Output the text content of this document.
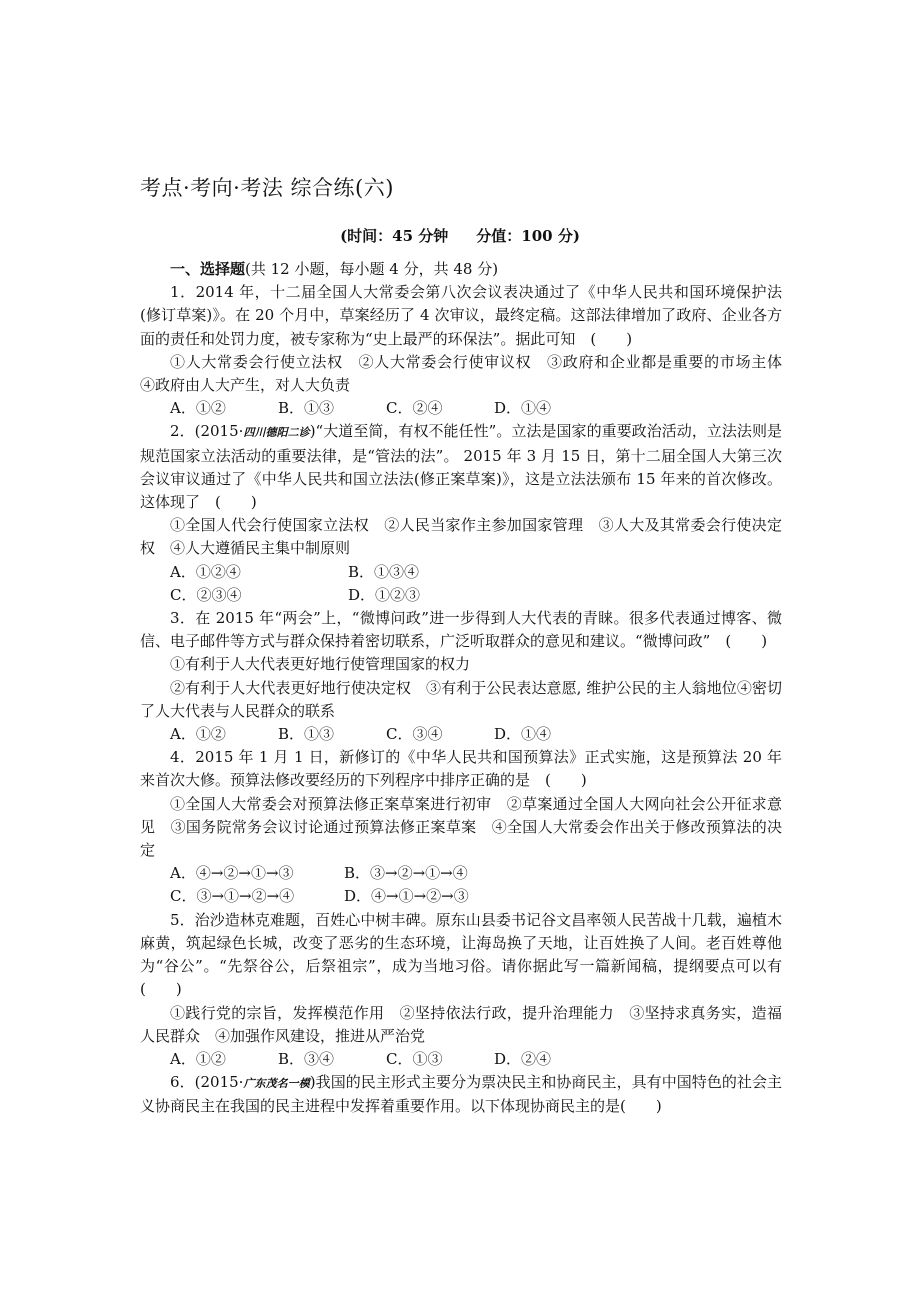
考点·考向·考法 综合练(六)
(时间：45 分钟 分值：100 分)

一、选择题(共 12 小题，每小题 4 分，共 48 分)

1．2014 年，十二届全国人大常委会第八次会议表决通过了《中华人民共和国环境保护法(修订草案)》。在 20 个月中，草案经历了 4 次审议，最终定稿。这部法律增加了政府、企业各方面的责任和处罚力度，被专家称为“史上最严的环保法”。据此可知　(　　)

①人大常委会行使立法权　②人大常委会行使审议权　③政府和企业都是重要的市场主体　④政府由人大产生，对人大负责

A．①②	B．①③	C．②④	D．①④

2．(2015·四川德阳二诊)“大道至简，有权不能任性”。立法是国家的重要政治活动，立法法则是规范国家立法活动的重要法律，是“管法的法”。 2015 年 3 月 15 日，第十二届全国人大第三次会议审议通过了《中华人民共和国立法法(修正案草案)》，这是立法法颁布 15 年来的首次修改。这体现了　(　　)

①全国人代会行使国家立法权　②人民当家作主参加国家管理　③人大及其常委会行使决定权　④人大遵循民主集中制原则

A．①②④	B．①③④
C．②③④	D．①②③

3．在 2015 年“两会”上，“微博问政”进一步得到人大代表的青睐。很多代表通过博客、微信、电子邮件等方式与群众保持着密切联系，广泛听取群众的意见和建议。“微博问政”　(　　)

①有利于人大代表更好地行使管理国家的权力

②有利于人大代表更好地行使决定权　③有利于公民表达意愿, 维护公民的主人翁地位④密切了人大代表与人民群众的联系

A．①②	B．①③	C．③④	D．①④

4．2015 年 1 月 1 日，新修订的《中华人民共和国预算法》正式实施，这是预算法 20 年来首次大修。预算法修改要经历的下列程序中排序正确的是　(　　)

①全国人大常委会对预算法修正案草案进行初审　②草案通过全国人大网向社会公开征求意见　③国务院常务会议讨论通过预算法修正案草案　④全国人大常委会作出关于修改预算法的决定

A．④→②→①→③	B．③→②→①→④
C．③→①→②→④	D．④→①→②→③

5．治沙造林克难题，百姓心中树丰碑。原东山县委书记谷文昌率领人民苦战十几载，遍植木麻黄，筑起绿色长城，改变了恶劣的生态环境，让海岛换了天地，让百姓换了人间。老百姓尊他为“谷公”。“先祭谷公，后祭祖宗”，成为当地习俗。请你据此写一篇新闻稿，提纲要点可以有(　　)

①践行党的宗旨，发挥模范作用　②坚持依法行政，提升治理能力　③坚持求真务实，造福人民群众　④加强作风建设，推进从严治党

A．①②	B．③④	C．①③	D．②④

6．(2015·广东茂名一模)我国的民主形式主要分为票决民主和协商民主，具有中国特色的社会主义协商民主在我国的民主进程中发挥着重要作用。以下体现协商民主的是(　　)
